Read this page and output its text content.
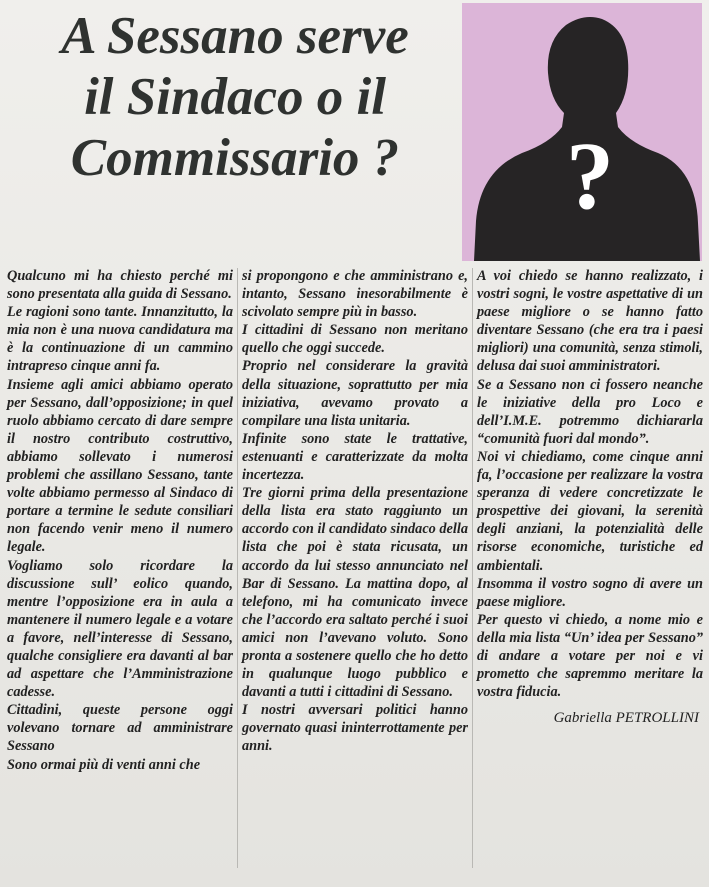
A Sessano serve
il Sindaco o il
Commissario ?	?

Qualcuno mi ha chiesto perché mi sono presentata alla guida di Sessano.

Le ragioni sono tante. Innanzitutto, la mia non è una nuova candidatura ma è la continuazione di un cammino intrapreso cinque anni fa.

Insieme agli amici abbiamo operato per Sessano, dall’opposizione; in quel ruolo abbiamo cercato di dare sempre il nostro contributo costruttivo, abbiamo sollevato i numerosi problemi che assillano Sessano, tante volte abbiamo permesso al Sindaco di portare a termine le sedute consiliari non facendo venir meno il numero legale.

Vogliamo solo ricordare la discussione sull’ eolico quando, mentre l’opposizione era in aula a mantenere il numero legale e a votare a favore, nell’interesse di Sessano, qualche consigliere era davanti al bar ad aspettare che l’Amministrazione cadesse.

Cittadini, queste persone oggi volevano tornare ad amministrare Sessano

Sono ormai più di venti anni che

si propongono e che amministrano e, intanto, Sessano inesorabilmente è scivolato sempre più in basso.

I cittadini di Sessano non meritano quello che oggi succede.

Proprio nel considerare la gravità della situazione, soprattutto per mia iniziativa, avevamo provato a compilare una lista unitaria.

Infinite sono state le trattative, estenuanti e caratterizzate da molta incertezza.

Tre giorni prima della presentazione della lista era stato raggiunto un accordo con il candidato sindaco della lista che poi è stata ricusata, un accordo da lui stesso annunciato nel Bar di Sessano. La mattina dopo, al telefono, mi ha comunicato invece che l’accordo era saltato perché i suoi amici non l’avevano voluto. Sono pronta a sostenere quello che ho detto in qualunque luogo pubblico e davanti a tutti i cittadini di Sessano.

I nostri avversari politici hanno governato quasi ininterrottamente per anni.

A voi chiedo se hanno realizzato, i vostri sogni, le vostre aspettative di un paese migliore o se hanno fatto diventare Sessano (che era tra i paesi migliori) una comunità, senza stimoli, delusa dai suoi amministratori.

Se a Sessano non ci fossero neanche le iniziative della pro Loco e dell’I.M.E. potremmo dichiararla “comunità fuori dal mondo”.

Noi vi chiediamo, come cinque anni fa, l’occasione per realizzare la vostra speranza di vedere concretizzate le prospettive dei giovani, la serenità degli anziani, la potenzialità delle risorse economiche, turistiche ed ambientali.

Insomma il vostro sogno di avere un paese migliore.

Per questo vi chiedo, a nome mio e della mia lista “Un’ idea per Sessano” di andare a votare per noi e vi prometto che sapremmo meritare la vostra fiducia.

Gabriella PETROLLINI
